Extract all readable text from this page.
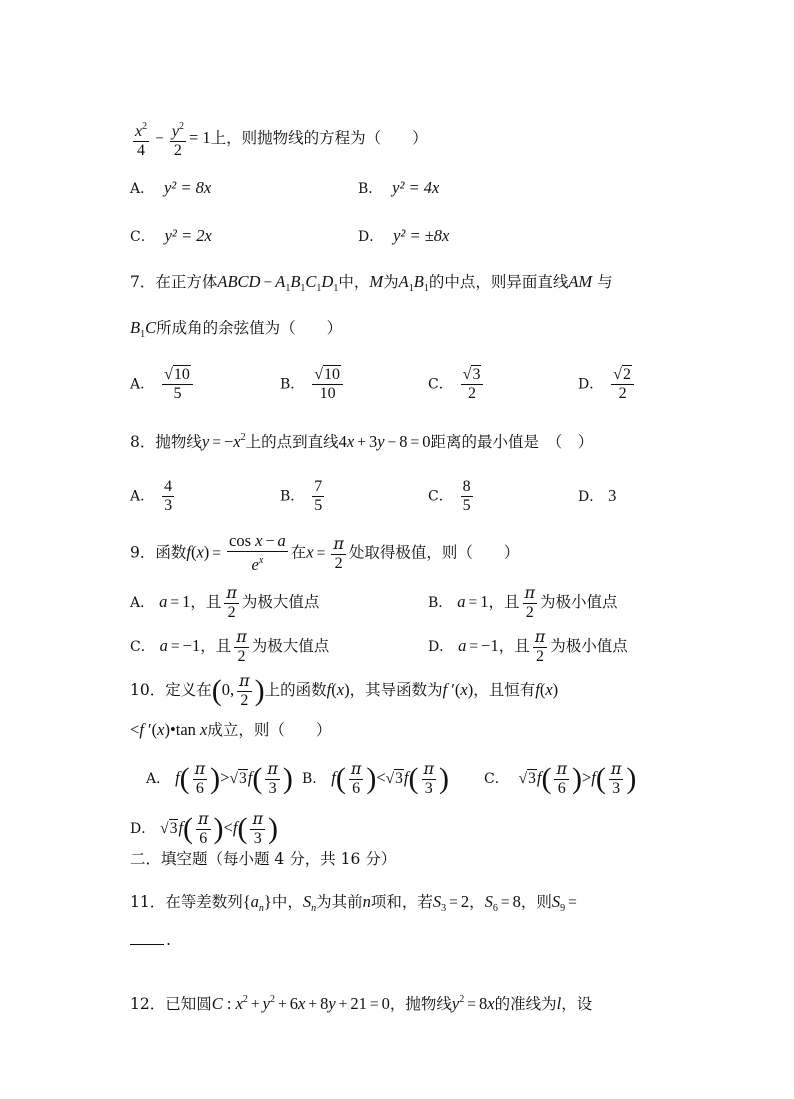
$\frac{x^2}{4} - \frac{y^2}{2} = 1$上，则抛物线的方程为（　　）
A． y² = 8x	B． y² = 4x
C． y² = 2x	D． y² = ±8x
7．在正方体ABCD − $A_1B_1C_1D_1$中，M为$A_1B_1$的中点，则异面直线AM 与
$B_1C$所成角的余弦值为（　　）
A． $\frac{√10}{5}$	B． $\frac{√10}{10}$	C． $\frac{√3}{2}$	D． $\frac{√2}{2}$
8．抛物线$y = -x^2$上的点到直线4x + 3y − 8 = 0距离的最小值是　（　）
A． $\frac{4}{3}$	B． $\frac{7}{5}$	C． $\frac{8}{5}$	D． 3
9．函数$f(x) = \frac{\text{cos x − a}}{e^x}$ 在$x = \frac{\pi}{2}$ 处取得极值，则（　　）
A． a = 1，且 $\frac{\pi}{2}$ 为极大值点	B． a = 1，且 $\frac{\pi}{2}$ 为极小值点
C． a = −1，且 $\frac{\pi}{2}$ 为极大值点	D． a = −1，且 $\frac{\pi}{2}$ 为极小值点
10．定义在(0, $\frac{\pi}{2}$ )上的函数f(x)，其导函数为f ′(x)，且恒有f(x)
<f ′(x)•tan x成立，则（　　）
A． $f( \frac{\pi}{6} )>√3f( \frac{\pi}{3}$ ) B． $f( \frac{\pi}{6} )<√3f( \frac{\pi}{3}$ ) C． $√3f( \frac{\pi}{6} )>f( \frac{\pi}{3}$ )
D． $√3f( \frac{\pi}{6} )<f( \frac{\pi}{3}$ )
二．填空题（每小题 4 分，共 16 分）
11．在等差数列$\{a_n\}$中，$S_n$为其前n项和，若$S_3 = 2$，$S_6 = 8$，则$S_9$ =
.
12．已知圆C : $x^2 + y^2 + 6x + 8y + 21 = 0$，抛物线$y^2 = 8x$的准线为l，设
